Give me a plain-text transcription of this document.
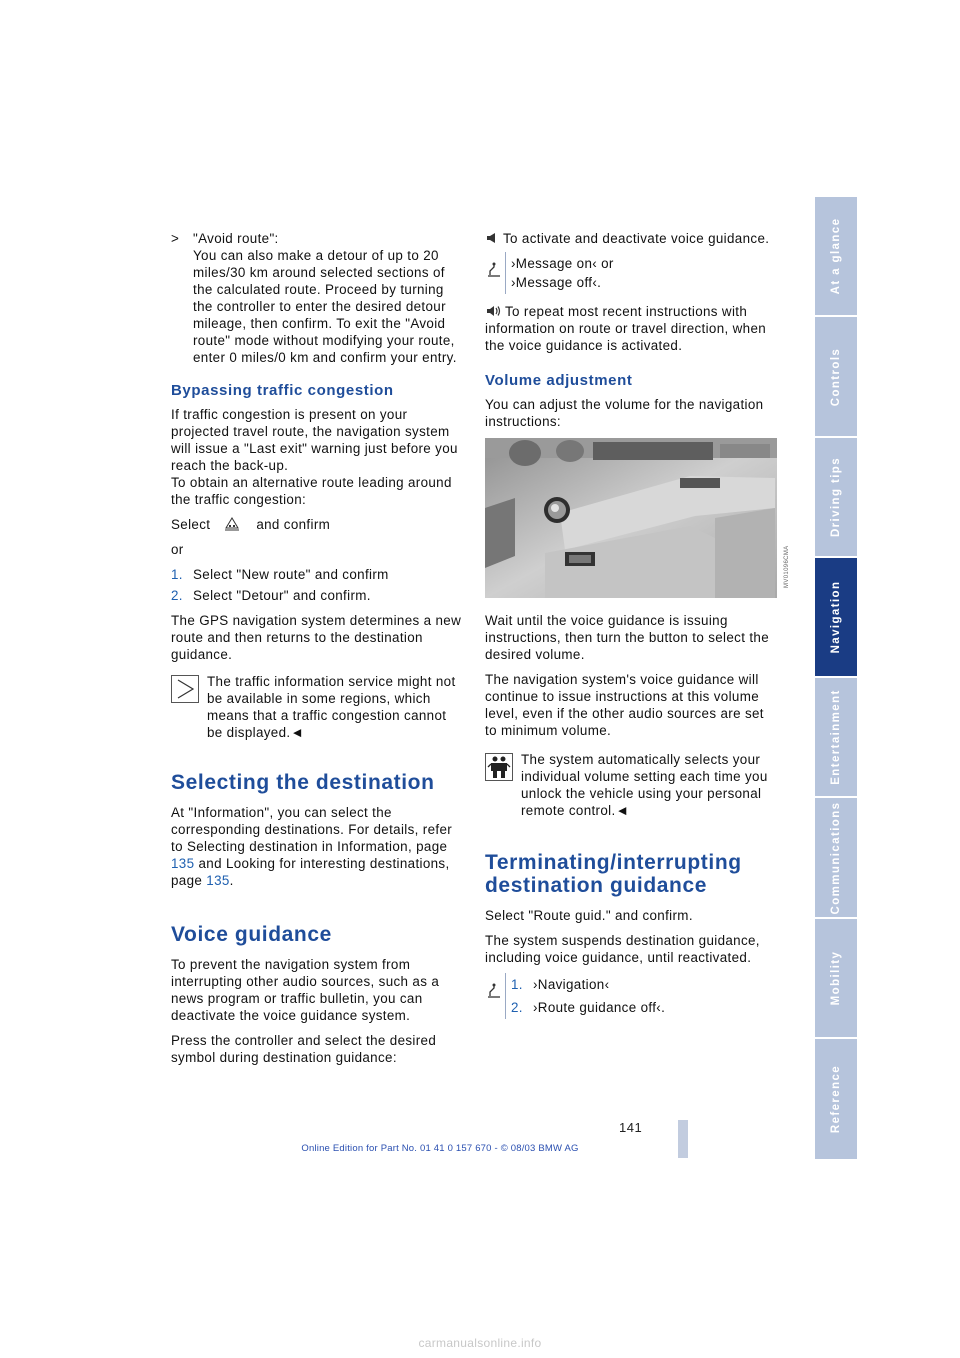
> "Avoid route":
You can also make a detour of up to 20 miles/30 km around selected sections of the calculated route. Proceed by turning the controller to enter the desired detour mileage, then confirm. To exit the "Avoid route" mode without modifying your route, enter 0 miles/0 km and confirm your entry.
Bypassing traffic congestion

If traffic congestion is present on your projected travel route, the navigation system will issue a "Last exit" warning just before you reach the back-up.
To obtain an alternative route leading around the traffic congestion:

Select	and confirm

or

1. Select "New route" and confirm
2. Select "Detour" and confirm.

The GPS navigation system determines a new route and then returns to the destination guidance.

The traffic information service might not be available in some regions, which means that a traffic congestion cannot be displayed.◄
Selecting the destination

At "Information", you can select the corresponding destinations. For details, refer to Selecting destination in Information, page 135 and Looking for interesting destinations, page 135.

Voice guidance

To prevent the navigation system from interrupting other audio sources, such as a news program or traffic bulletin, you can deactivate the voice guidance system.

Press the controller and select the desired symbol during destination guidance:

To activate and deactivate voice guidance.

›Message on‹ or
›Message off‹.

To repeat most recent instructions with information on route or travel direction, when the voice guidance is activated.

Volume adjustment

You can adjust the volume for the navigation instructions:

MV01096CMA

Wait until the voice guidance is issuing instructions, then turn the button to select the desired volume.

The navigation system's voice guidance will continue to issue instructions at this volume level, even if the other audio sources are set to minimum volume.

The system automatically selects your individual volume setting each time you unlock the vehicle using your personal remote control.◄
Terminating/interrupting destination guidance

Select "Route guid." and confirm.

The system suspends destination guidance, including voice guidance, until reactivated.

1. ›Navigation‹
2. ›Route guidance off‹.
At a glance
Controls
Driving tips
Navigation
Entertainment
Communications
Mobility
Reference
141
Online Edition for Part No. 01 41 0 157 670 - © 08/03 BMW AG
carmanualsonline.info
